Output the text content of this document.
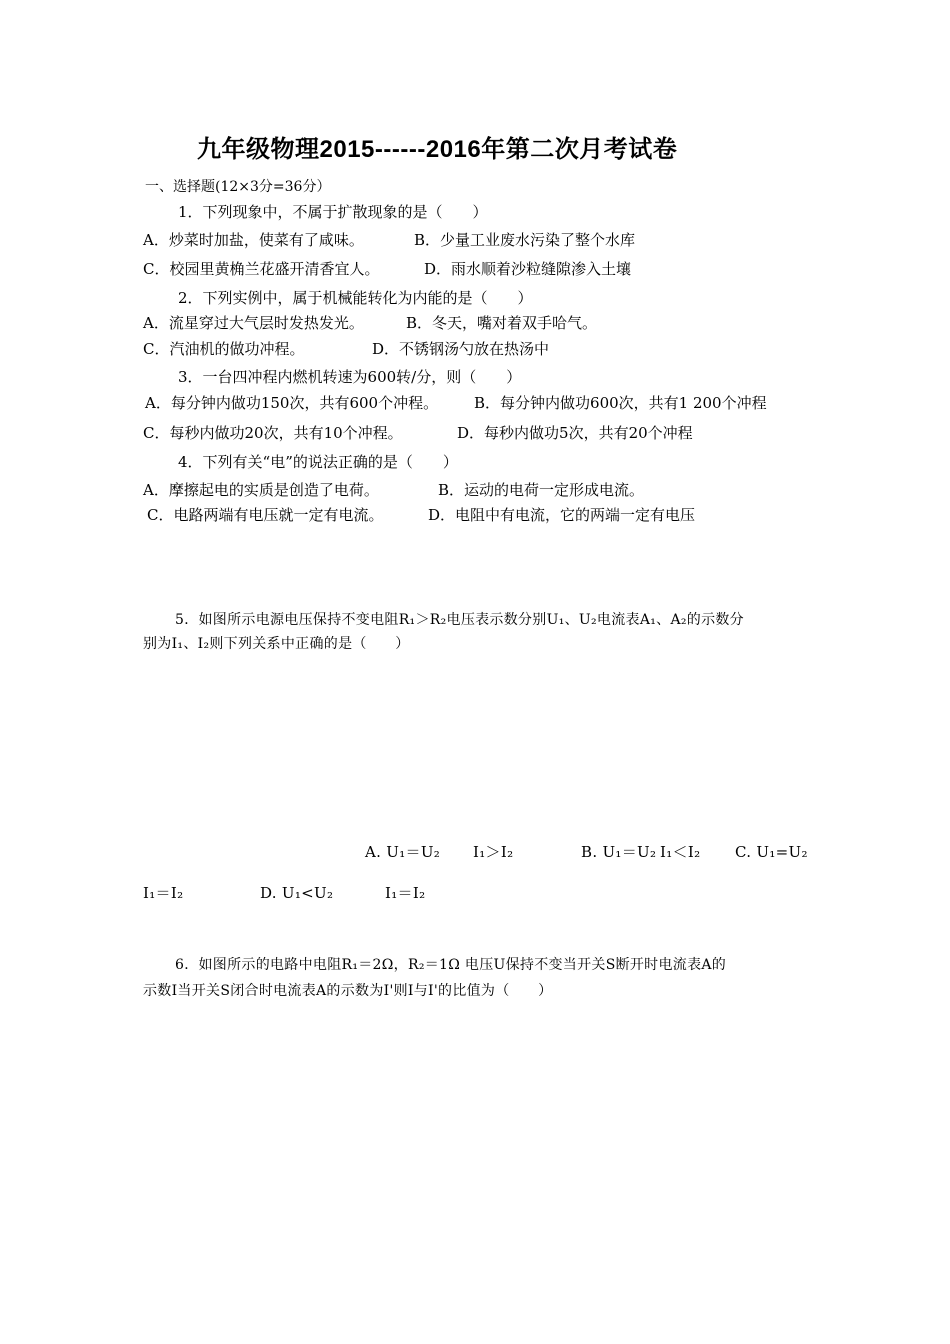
九年级物理2015------2016年第二次月考试卷
一、选择题(12×3分=36分）
1．下列现象中，不属于扩散现象的是（　　）
A．炒菜时加盐，使菜有了咸味。	B．少量工业废水污染了整个水库
C．校园里黄桷兰花盛开清香宜人。	D．雨水顺着沙粒缝隙渗入土壤
2．下列实例中，属于机械能转化为内能的是（　　）
A．流星穿过大气层时发热发光。	B．冬天，嘴对着双手哈气。
C．汽油机的做功冲程。	D．不锈钢汤勺放在热汤中
3．一台四冲程内燃机转速为600转/分，则（　　）
A．每分钟内做功150次，共有600个冲程。 B．每分钟内做功600次，共有1 200个冲程
C．每秒内做功20次，共有10个冲程。	D．每秒内做功5次，共有20个冲程
4．下列有关“电”的说法正确的是（　　）
A．摩擦起电的实质是创造了电荷。	B．运动的电荷一定形成电流。
C．电路两端有电压就一定有电流。	D．电阻中有电流，它的两端一定有电压
5．如图所示电源电压保持不变电阻R₁＞R₂电压表示数分别U₁、U₂电流表A₁、A₂的示数分
别为I₁、I₂则下列关系中正确的是（　　）
A. U₁＝U₂ I₁＞I₂	B. U₁＝U₂ I₁＜I₂ C. U₁=U₂
I₁＝I₂	D. U₁<U₂	I₁＝I₂
6．如图所示的电路中电阻R₁＝2Ω，R₂＝1Ω 电压U保持不变当开关S断开时电流表A的
示数I当开关S闭合时电流表A的示数为I'则I与I'的比值为（　　）
